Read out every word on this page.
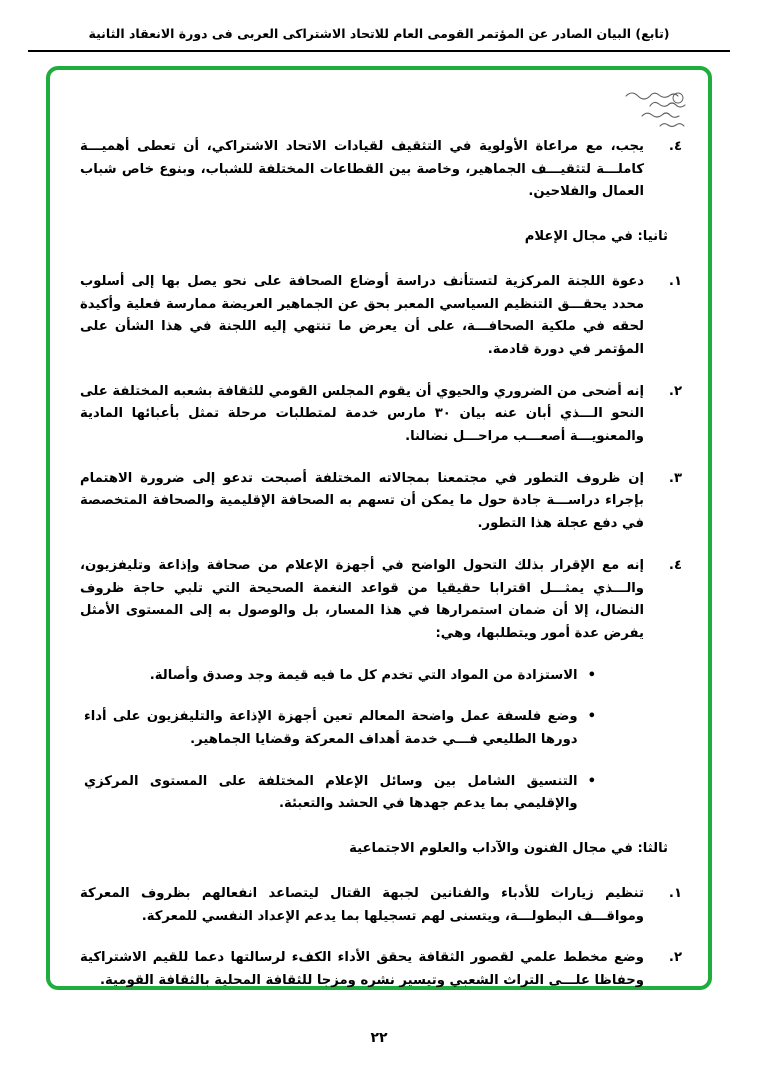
(تابع) البيان الصادر عن المؤتمر القومى العام للاتحاد الاشتراكى العربى فى دورة الانعقاد الثانية
٤.
يجب، مع مراعاة الأولوية في التثقيف لقيادات الاتحاد الاشتراكي، أن تعطى أهميـــة كاملـــة لتثقيـــف الجماهير، وخاصة بين القطاعات المختلفة للشباب، وبنوع خاص شباب العمال والفلاحين.
ثانيا: في مجال الإعلام
١.
دعوة اللجنة المركزية لتستأنف دراسة أوضاع الصحافة على نحو يصل بها إلى أسلوب محدد يحقـــق التنظيم السياسي المعبر بحق عن الجماهير العريضة ممارسة فعلية وأكيدة لحقه في ملكية الصحافـــة، على أن يعرض ما تنتهي إليه اللجنة في هذا الشأن على المؤتمر في دورة قادمة.
٢.
إنه أضحى من الضروري والحيوي أن يقوم المجلس القومي للثقافة بشعبه المختلفة على النحو الـــذي أبان عنه بيان ٣٠ مارس خدمة لمتطلبات مرحلة تمثل بأعبائها المادية والمعنويـــة أصعـــب مراحـــل نضالنا.
٣.
إن ظروف التطور في مجتمعنا بمجالاته المختلفة أصبحت تدعو إلى ضرورة الاهتمام بإجراء دراســـة جادة حول ما يمكن أن تسهم به الصحافة الإقليمية والصحافة المتخصصة في دفع عجلة هذا التطور.
٤.
إنه مع الإقرار بذلك التحول الواضح في أجهزة الإعلام من صحافة وإذاعة وتليفزيون، والـــذي يمثـــل اقترابا حقيقيا من قواعد النغمة الصحيحة التي تلبي حاجة ظروف النضال، إلا أن ضمان استمرارها في هذا المسار، بل والوصول به إلى المستوى الأمثل يفرض عدة أمور ويتطلبها، وهي:
•
الاستزادة من المواد التي تخدم كل ما فيه قيمة وجد وصدق وأصالة.
•
وضع فلسفة عمل واضحة المعالم تعين أجهزة الإذاعة والتليفزيون على أداء دورها الطليعي فـــي خدمة أهداف المعركة وقضايا الجماهير.
•
التنسيق الشامل بين وسائل الإعلام المختلفة على المستوى المركزي والإقليمي بما يدعم جهدها في الحشد والتعبئة.
ثالثا: في مجال الفنون والآداب والعلوم الاجتماعية
١.
تنظيم زيارات للأدباء والفنانين لجبهة القتال ليتصاعد انفعالهم بظروف المعركة ومواقـــف البطولـــة، ويتسنى لهم تسجيلها بما يدعم الإعداد النفسي للمعركة.
٢.
وضع مخطط علمي لقصور الثقافة يحقق الأداء الكفء لرسالتها دعما للقيم الاشتراكية وحفاظا علـــى التراث الشعبي وتيسير نشره ومزجا للثقافة المحلية بالثقافة القومية.
٢٢
